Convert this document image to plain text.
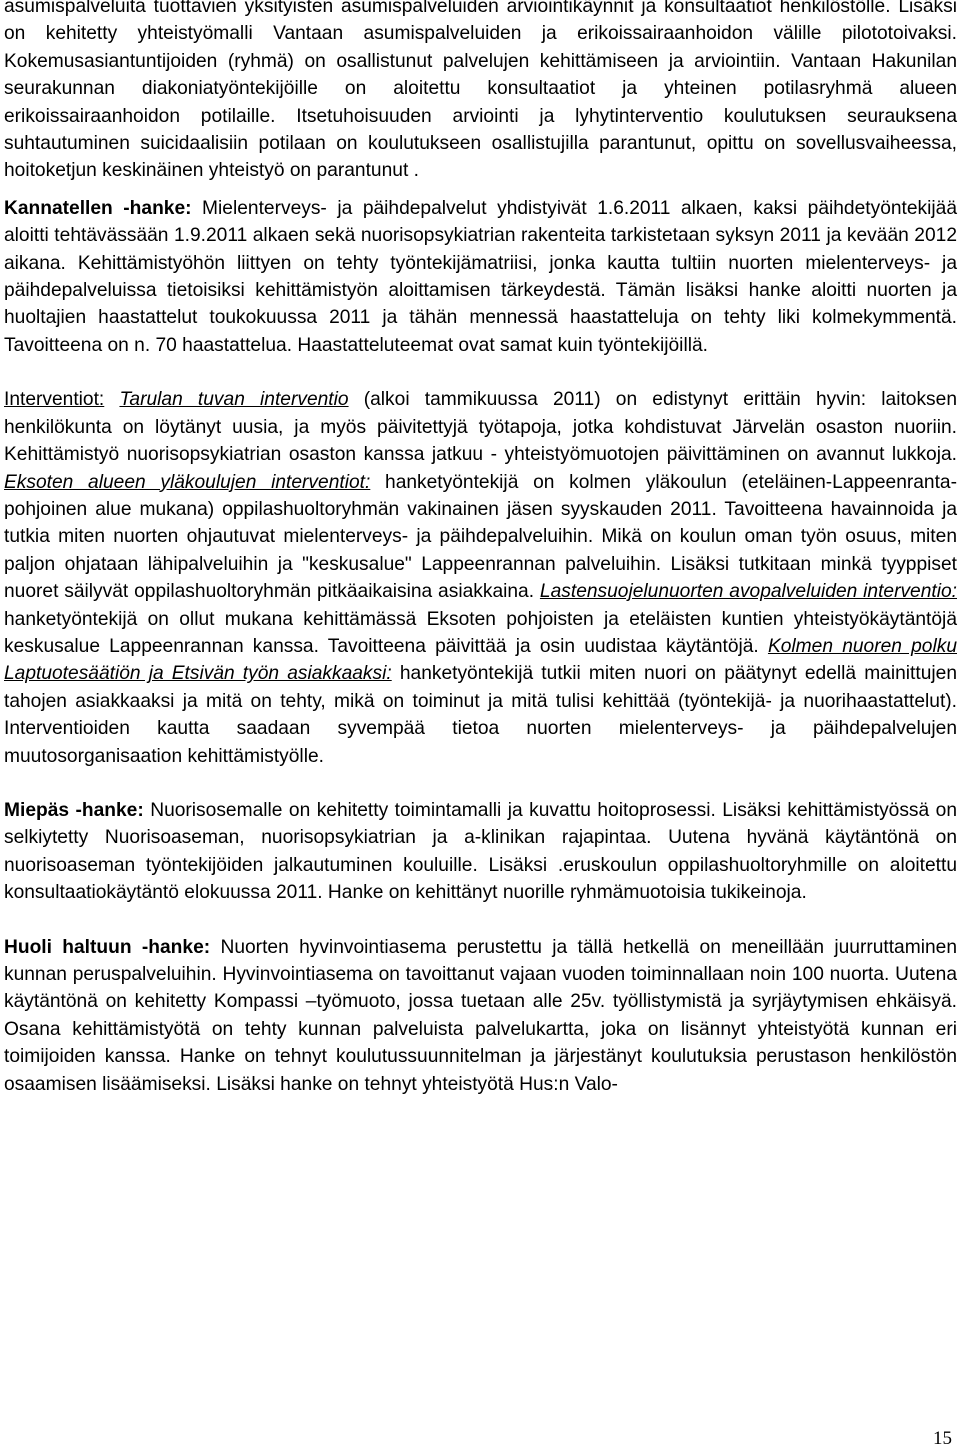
asumispalveluita tuottavien yksityisten asumispalveluiden arviointikäynnit ja konsultaatiot henkilöstölle. Lisäksi on kehitetty yhteistyömalli Vantaan asumispalveluiden ja erikoissairaanhoidon välille pilototoivaksi. Kokemusasiantuntijoiden (ryhmä) on osallistunut palvelujen kehittämiseen ja arviointiin. Vantaan Hakunilan seurakunnan diakoniatyöntekijöille on aloitettu konsultaatiot ja yhteinen potilasryhmä alueen erikoissairaanhoidon potilaille. Itsetuhoisuuden arviointi ja lyhytinterventio koulutuksen seurauksena suhtautuminen suicidaalisiin potilaan on koulutukseen osallistujilla parantunut, opittu on sovellusvaiheessa, hoitoketjun keskinäinen yhteistyö on parantunut .

Kannatellen -hanke: Mielenterveys- ja päihdepalvelut yhdistyivät 1.6.2011 alkaen, kaksi päihdetyöntekijää aloitti tehtävässään 1.9.2011 alkaen sekä nuorisopsykiatrian rakenteita tarkistetaan syksyn 2011 ja kevään 2012 aikana. Kehittämistyöhön liittyen on tehty työntekijämatriisi, jonka kautta tultiin nuorten mielenterveys- ja päihdepalveluissa tietoisiksi kehittämistyön aloittamisen tärkeydestä. Tämän lisäksi hanke aloitti nuorten ja huoltajien haastattelut toukokuussa 2011 ja tähän mennessä haastatteluja on tehty liki kolmekymmentä. Tavoitteena on n. 70 haastattelua. Haastatteluteemat ovat samat kuin työntekijöillä.

Interventiot: Tarulan tuvan interventio (alkoi tammikuussa 2011) on edistynyt erittäin hyvin: laitoksen henkilökunta on löytänyt uusia, ja myös päivitettyjä työtapoja, jotka kohdistuvat Järvelän osaston nuoriin. Kehittämistyö nuorisopsykiatrian osaston kanssa jatkuu - yhteistyömuotojen päivittäminen on avannut lukkoja. Eksoten alueen yläkoulujen interventiot: hanketyöntekijä on kolmen yläkoulun (eteläinen-Lappeenranta-pohjoinen alue mukana) oppilashuoltoryhmän vakinainen jäsen syyskauden 2011. Tavoitteena havainnoida ja tutkia miten nuorten ohjautuvat mielenterveys- ja päihdepalveluihin. Mikä on koulun oman työn osuus, miten paljon ohjataan lähipalveluihin ja "keskusalue" Lappeenrannan palveluihin. Lisäksi tutkitaan minkä tyyppiset nuoret säilyvät oppilashuoltoryhmän pitkäaikaisina asiakkaina. Lastensuojelunuorten avopalveluiden interventio: hanketyöntekijä on ollut mukana kehittämässä Eksoten pohjoisten ja eteläisten kuntien yhteistyökäytäntöjä keskusalue Lappeenrannan kanssa. Tavoitteena päivittää ja osin uudistaa käytäntöjä. Kolmen nuoren polku Laptuotesäätiön ja Etsivän työn asiakkaaksi: hanketyöntekijä tutkii miten nuori on päätynyt edellä mainittujen tahojen asiakkaaksi ja mitä on tehty, mikä on toiminut ja mitä tulisi kehittää (työntekijä- ja nuorihaastattelut). Interventioiden kautta saadaan syvempää tietoa nuorten mielenterveys- ja päihdepalvelujen muutosorganisaation kehittämistyölle.

Miepäs -hanke: Nuorisosemalle on kehitetty toimintamalli ja kuvattu hoitoprosessi. Lisäksi kehittämistyössä on selkiytetty Nuorisoaseman, nuorisopsykiatrian ja a-klinikan rajapintaa. Uutena hyvänä käytäntönä on nuorisoaseman työntekijöiden jalkautuminen kouluille. Lisäksi .eruskoulun oppilashuoltoryhmille on aloitettu konsultaatiokäytäntö elokuussa 2011. Hanke on kehittänyt nuorille ryhmämuotoisia tukikeinoja.

Huoli haltuun -hanke: Nuorten hyvinvointiasema perustettu ja tällä hetkellä on meneillään juurruttaminen kunnan peruspalveluihin. Hyvinvointiasema on tavoittanut vajaan vuoden toiminnallaan noin 100 nuorta. Uutena käytäntönä on kehitetty Kompassi –työmuoto, jossa tuetaan alle 25v. työllistymistä ja syrjäytymisen ehkäisyä. Osana kehittämistyötä on tehty kunnan palveluista palvelukartta, joka on lisännyt yhteistyötä kunnan eri toimijoiden kanssa. Hanke on tehnyt koulutussuunnitelman ja järjestänyt koulutuksia perustason henkilöstön osaamisen lisäämiseksi. Lisäksi hanke on tehnyt yhteistyötä Hus:n Valo-

15
